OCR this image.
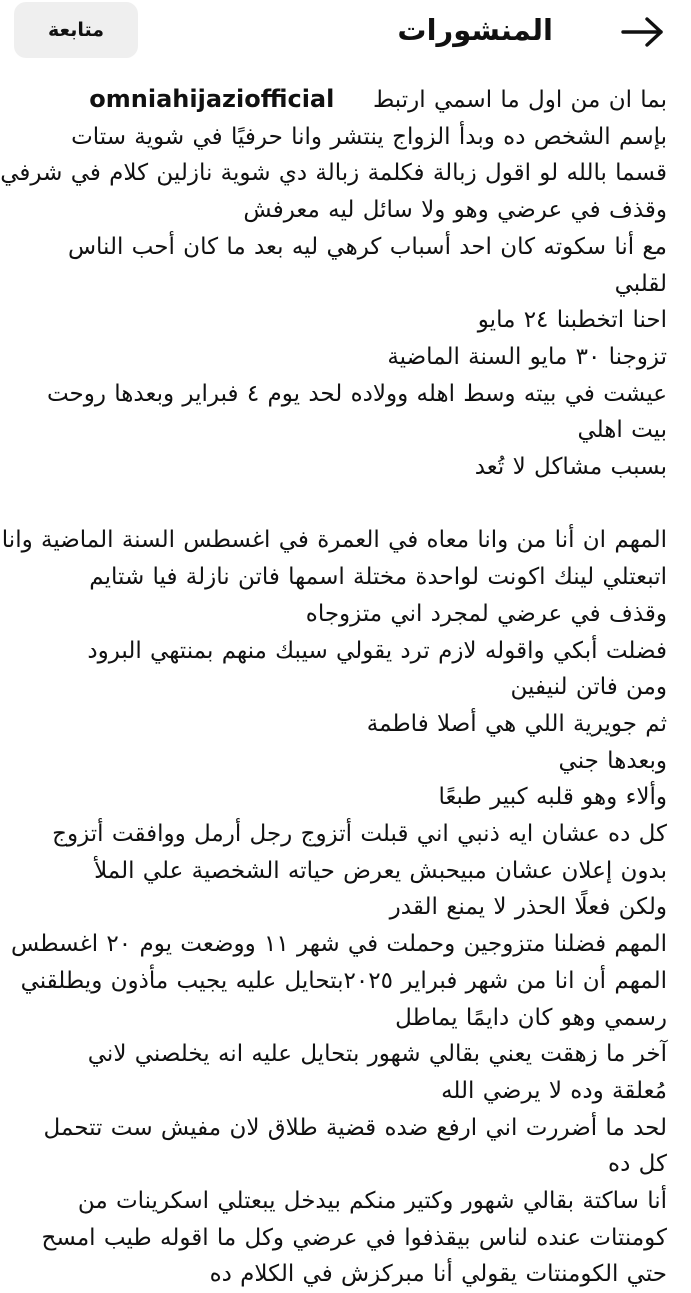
متابعة	المنشورات
بما ان من اول ما اسمي ارتبط  omniahijaziofficial
بإسم الشخص ده وبدأ الزواج ينتشر وانا حرفيًا في شوية ستات
قسما بالله لو اقول زبالة فكلمة زبالة دي شوية نازلين كلام في شرفي
وقذف في عرضي وهو ولا سائل ليه معرفش
مع أنا سكوته كان احد أسباب كرهي ليه بعد ما كان أحب الناس
لقلبي
احنا اتخطبنا ٢٤ مايو
تزوجنا ٣٠ مايو السنة الماضية
عيشت في بيته وسط اهله وولاده لحد يوم ٤ فبراير وبعدها روحت
بيت اهلي
بسبب مشاكل لا تُعد
المهم ان أنا من وانا معاه في العمرة في اغسطس السنة الماضية وانا
اتبعتلي لينك اكونت لواحدة مختلة اسمها فاتن نازلة فيا شتايم
وقذف في عرضي لمجرد اني متزوجاه
فضلت أبكي واقوله لازم ترد يقولي سيبك منهم بمنتهي البرود
ومن فاتن لنيفين
ثم جويرية اللي هي أصلا فاطمة
وبعدها جني
وألاء وهو قلبه كبير طبعًا
كل ده عشان ايه ذنبي اني قبلت أتزوج رجل أرمل ووافقت أتزوج
بدون إعلان عشان مبيحبش يعرض حياته الشخصية علي الملأ
ولكن فعلًا الحذر لا يمنع القدر
المهم فضلنا متزوجين وحملت في شهر ١١ ووضعت يوم ٢٠ اغسطس
المهم أن انا من شهر فبراير ٢٠٢٥بتحايل عليه يجيب مأذون ويطلقني
رسمي وهو كان دايمًا يماطل
آخر ما زهقت يعني بقالي شهور بتحايل عليه انه يخلصني لاني
مُعلقة وده لا يرضي الله
لحد ما أضررت اني ارفع ضده قضية طلاق لان مفيش ست تتحمل
كل ده
أنا ساكتة بقالي شهور وكتير منكم بيدخل يبعتلي اسكرينات من
كومنتات عنده لناس بيقذفوا في عرضي وكل ما اقوله طيب امسح
حتي الكومنتات يقولي أنا مبركزش في الكلام ده
